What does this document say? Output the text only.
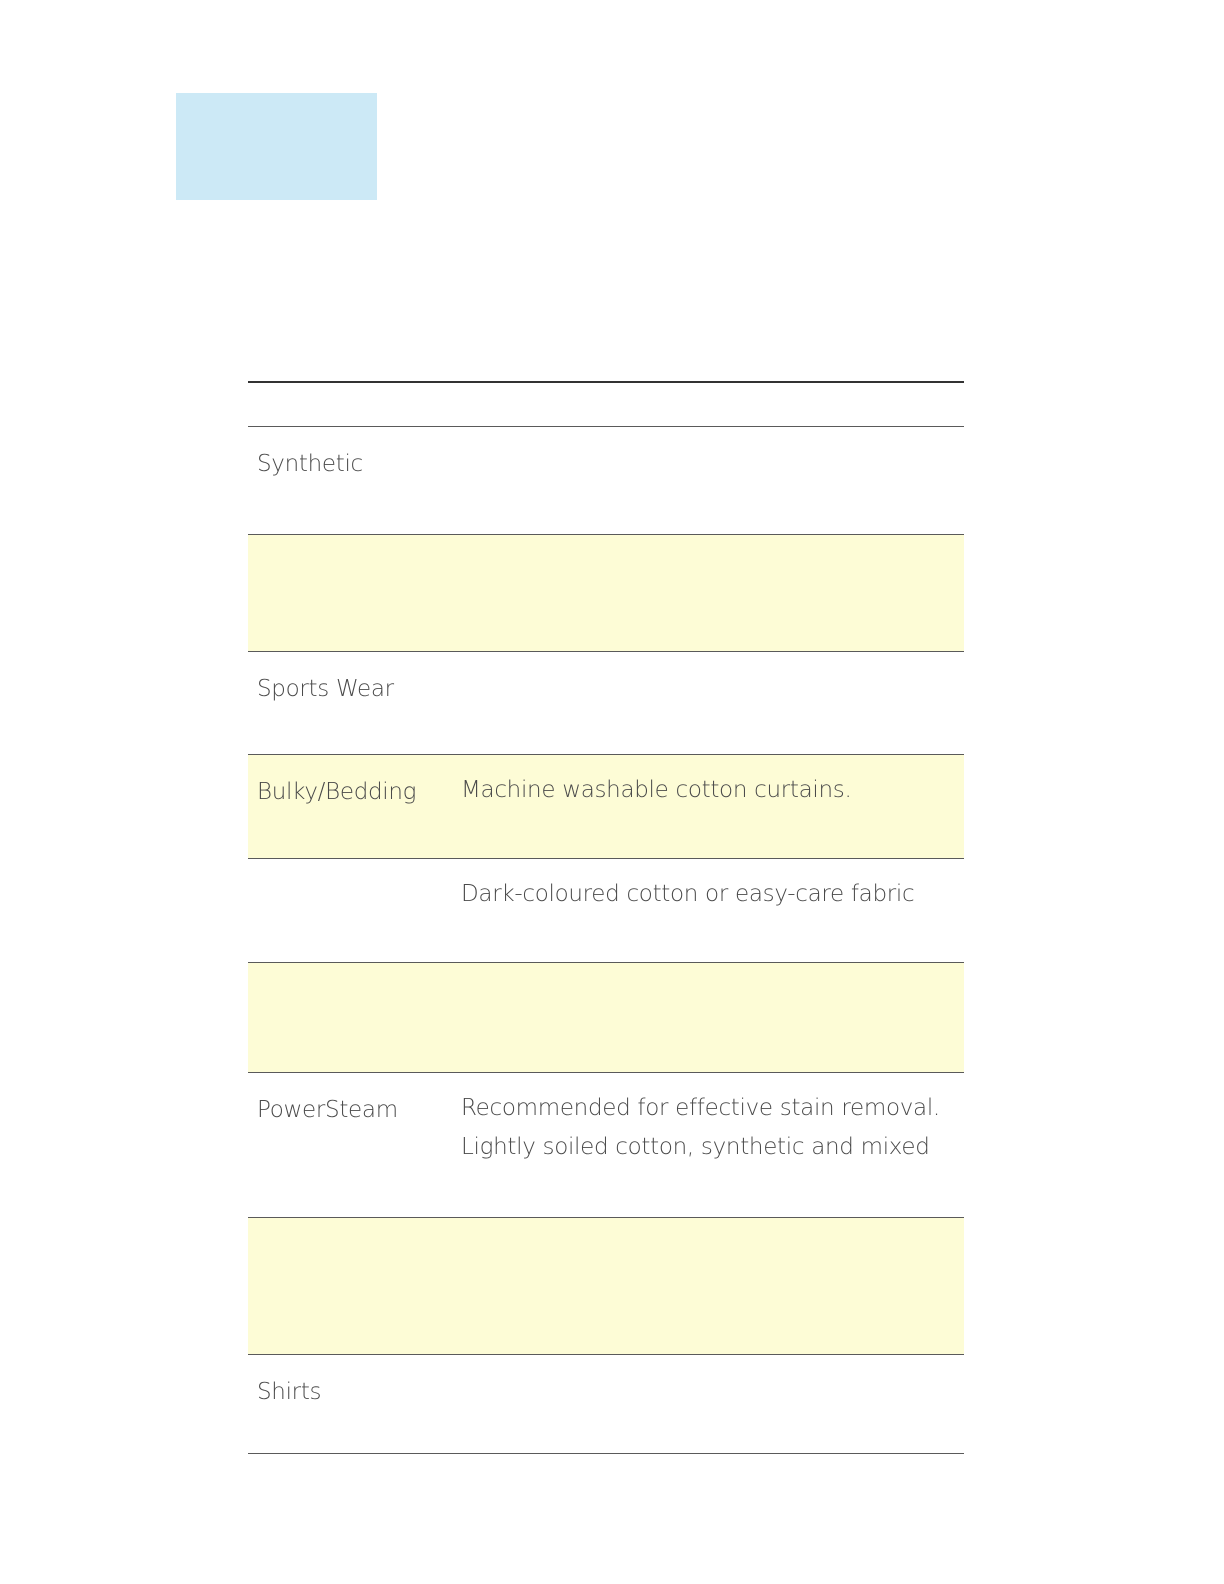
Synthetic
Sports Wear
Bulky/Bedding Machine washable cotton curtains.
Dark-coloured cotton or easy-care fabric
PowerSteam	Recommended for effective stain removal.
Lightly soiled cotton, synthetic and mixed
Shirts
